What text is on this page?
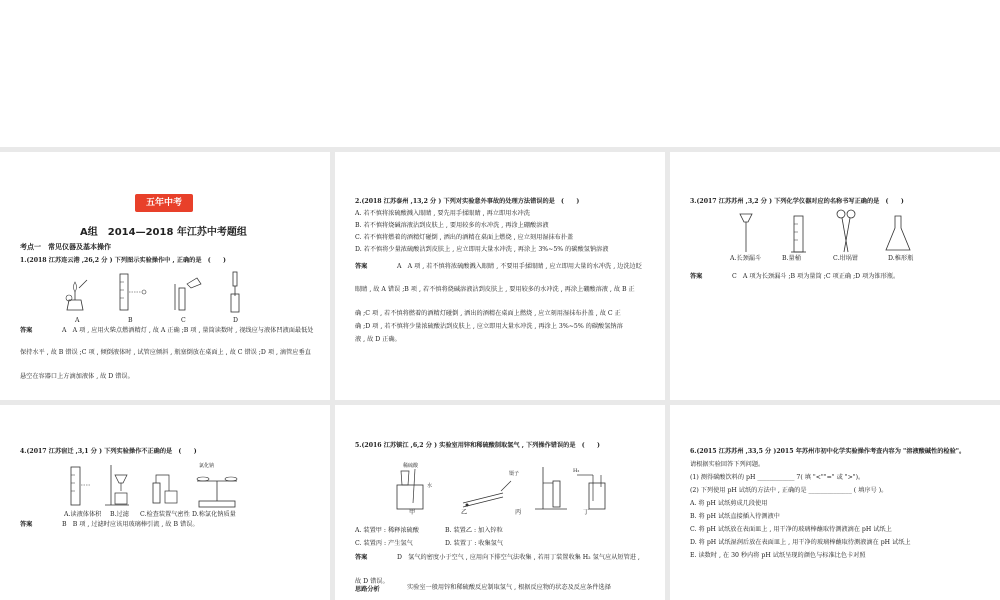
五年中考
A组　2014—2018 年江苏中考题组
考点一　常见仪器及基本操作
1.(2018 江苏连云港 ,26,2 分 ) 下列图示实验操作中 , 正确的是　(　　)
A	B	C	D
答案	A　A 项 , 应用火柴点燃酒精灯 , 故 A 正确 ;B 项 , 量筒读数时 , 视线应与液体凹液面最低处
保持水平 , 故 B 错误 ;C 项 , 倾倒液体时 , 试管应倾斜 , 瓶塞倒放在桌面上 , 故 C 错误 ;D 项 , 滴管应垂直
悬空在容器口上方滴加液体 , 故 D 错误。
2.(2018 江苏泰州 ,13,2 分 ) 下列对实验意外事故的处理方法错误的是　(　　)
A. 若不慎将浓硫酸溅入眼睛 , 要先用手揉眼睛 , 再立即用水冲洗
B. 若不慎将烧碱溶液沾到皮肤上 , 要用较多的水冲洗 , 再涂上硼酸溶液
C. 若不慎将燃着的酒精灯碰倒 , 洒出的酒精在桌面上燃烧 , 应立刻用湿抹布扑盖
D. 若不慎将少量浓硫酸沾到皮肤上 , 应立即用大量水冲洗 , 再涂上 3%~5% 的碳酸氢钠溶液
答案	A　A 项 , 若不慎将浓硫酸溅入眼睛 , 不要用手揉眼睛 , 应立即用大量的水冲洗 , 边洗边眨
眼睛 , 故 A 错误 ;B 项 , 若不慎将烧碱溶液沾到皮肤上 , 要用较多的水冲洗 , 再涂上硼酸溶液 , 故 B 正
确 ;C 项 , 若不慎将燃着的酒精灯碰倒 , 洒出的酒精在桌面上燃烧 , 应立刻用湿抹布扑盖 , 故 C 正
确 ;D 项 , 若不慎将少量浓硫酸沾到皮肤上 , 应立即用大量水冲洗 , 再涂上 3%~5% 的碳酸氢钠溶
液 , 故 D 正确。
3.(2017 江苏苏州 ,3,2 分 ) 下列化学仪器对应的名称书写正确的是　(　　)
A.长颈漏斗	B.量桶	C.坩埚钳	D.椎形瓶
答案	C　A 项为长颈漏斗 ;B 项为量筒 ;C 项正确 ;D 项为锥形瓶。
4.(2017 江苏宿迁 ,3,1 分 ) 下列实验操作不正确的是　(　　)
氯化钠
A.读液体体积 B.过滤 C.检查装置气密性 D.称氯化钠质量
答案	B　B 项 , 过滤时应该用玻璃棒引流 , 故 B 错误。
5.(2016 江苏镇江 ,6,2 分 ) 实验室用锌和稀硫酸制取氢气 , 下列操作错误的是　(　　)
稀硫酸
水
镊子	H₂
甲	乙	丙	丁
A. 装置甲 : 稀释浓硫酸	B. 装置乙 : 加入锌粒
C. 装置丙 : 产生氢气	D. 装置丁 : 收集氢气
答案	D　氢气的密度小于空气 , 应用向下排空气法收集 , 若用丁装置收集 H₂ 氢气应从短管进 ,
故 D 错误。
思路分析	实验室一般用锌和稀硫酸反应制取氢气 , 根据反应物的状态及反应条件选择
6.(2015 江苏苏州 ,33,5 分 )2015 年苏州市初中化学实验操作考查内容为 "溶液酸碱性的检验"。
请根据实验回答下列问题。
(1) 测得碳酸饮料的 pH ____________ 7( 填 "<""=" 或 ">")。
(2) 下列使用 pH 试纸的方法中 , 正确的是 ______________ ( 填序号 )。
A. 将 pH 试纸剪成几段使用
B. 将 pH 试纸直接插入待测液中
C. 将 pH 试纸放在表面皿上 , 用干净的玻璃棒蘸取待测液滴在 pH 试纸上
D. 将 pH 试纸湿润后放在表面皿上 , 用干净的玻璃棒蘸取待测液滴在 pH 试纸上
E. 读数时 , 在 30 秒内将 pH 试纸呈现的颜色与标准比色卡对照
